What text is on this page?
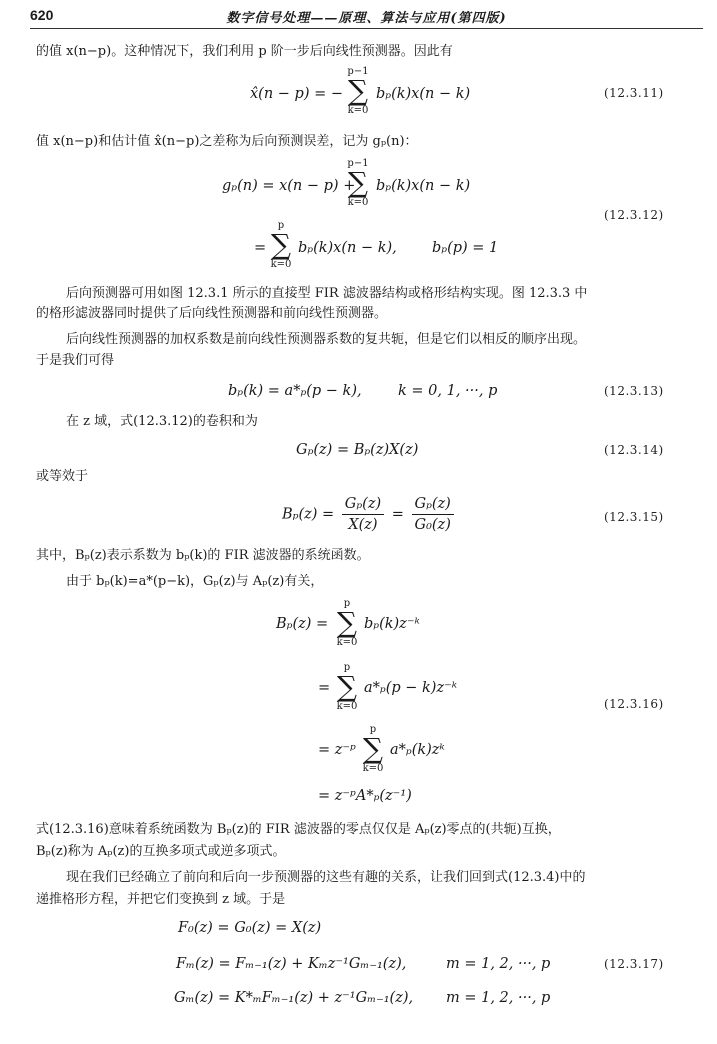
620	数字信号处理——原理、算法与应用(第四版)
的值 x(n−p)。这种情况下，我们利用 p 阶一步后向线性预测器。因此有
x̂(n − p) = −
p−1
∑
k=0
bₚ(k)x(n − k)	(12.3.11)
值 x(n−p)和估计值 x̂(n−p)之差称为后向预测误差，记为 gₚ(n)：
gₚ(n) = x(n − p) +
p−1
∑
k=0
bₚ(k)x(n − k)
(12.3.12)
=
p
∑
k=0
bₚ(k)x(n − k), bₚ(p) = 1
后向预测器可用如图 12.3.1 所示的直接型 FIR 滤波器结构或格形结构实现。图 12.3.3 中
的格形滤波器同时提供了后向线性预测器和前向线性预测器。
后向线性预测器的加权系数是前向线性预测器系数的复共轭，但是它们以相反的顺序出现。
于是我们可得
bₚ(k) = a*ₚ(p − k),	k = 0, 1, ···, p	(12.3.13)
在 z 域，式(12.3.12)的卷积和为
Gₚ(z) = Bₚ(z)X(z)	(12.3.14)
或等效于
$B_p(z) = \frac{\text{Gₚ(z)}}{X(z)} = \frac{\text{Gₚ(z)}}{\text{G₀(z)}}$	(12.3.15)
其中，Bₚ(z)表示系数为 bₚ(k)的 FIR 滤波器的系统函数。
由于 bₚ(k)=a*(p−k)，Gₚ(z)与 Aₚ(z)有关，
Bₚ(z) =
p
∑
k=0
bₚ(k)z⁻ᵏ
=
p
∑
k=0
a*ₚ(p − k)z⁻ᵏ
(12.3.16)
= z⁻ᵖ
p
∑
k=0
a*ₚ(k)zᵏ
= z⁻ᵖA*ₚ(z⁻¹)
式(12.3.16)意味着系统函数为 Bₚ(z)的 FIR 滤波器的零点仅仅是 Aₚ(z)零点的(共轭)互换，
Bₚ(z)称为 Aₚ(z)的互换多项式或逆多项式。
现在我们已经确立了前向和后向一步预测器的这些有趣的关系，让我们回到式(12.3.4)中的
递推格形方程，并把它们变换到 z 域。于是
F₀(z) = G₀(z) = X(z)
Fₘ(z) = Fₘ₋₁(z) + Kₘz⁻¹Gₘ₋₁(z),	m = 1, 2, ···, p	(12.3.17)
Gₘ(z) = K*ₘFₘ₋₁(z) + z⁻¹Gₘ₋₁(z), m = 1, 2, ···, p
